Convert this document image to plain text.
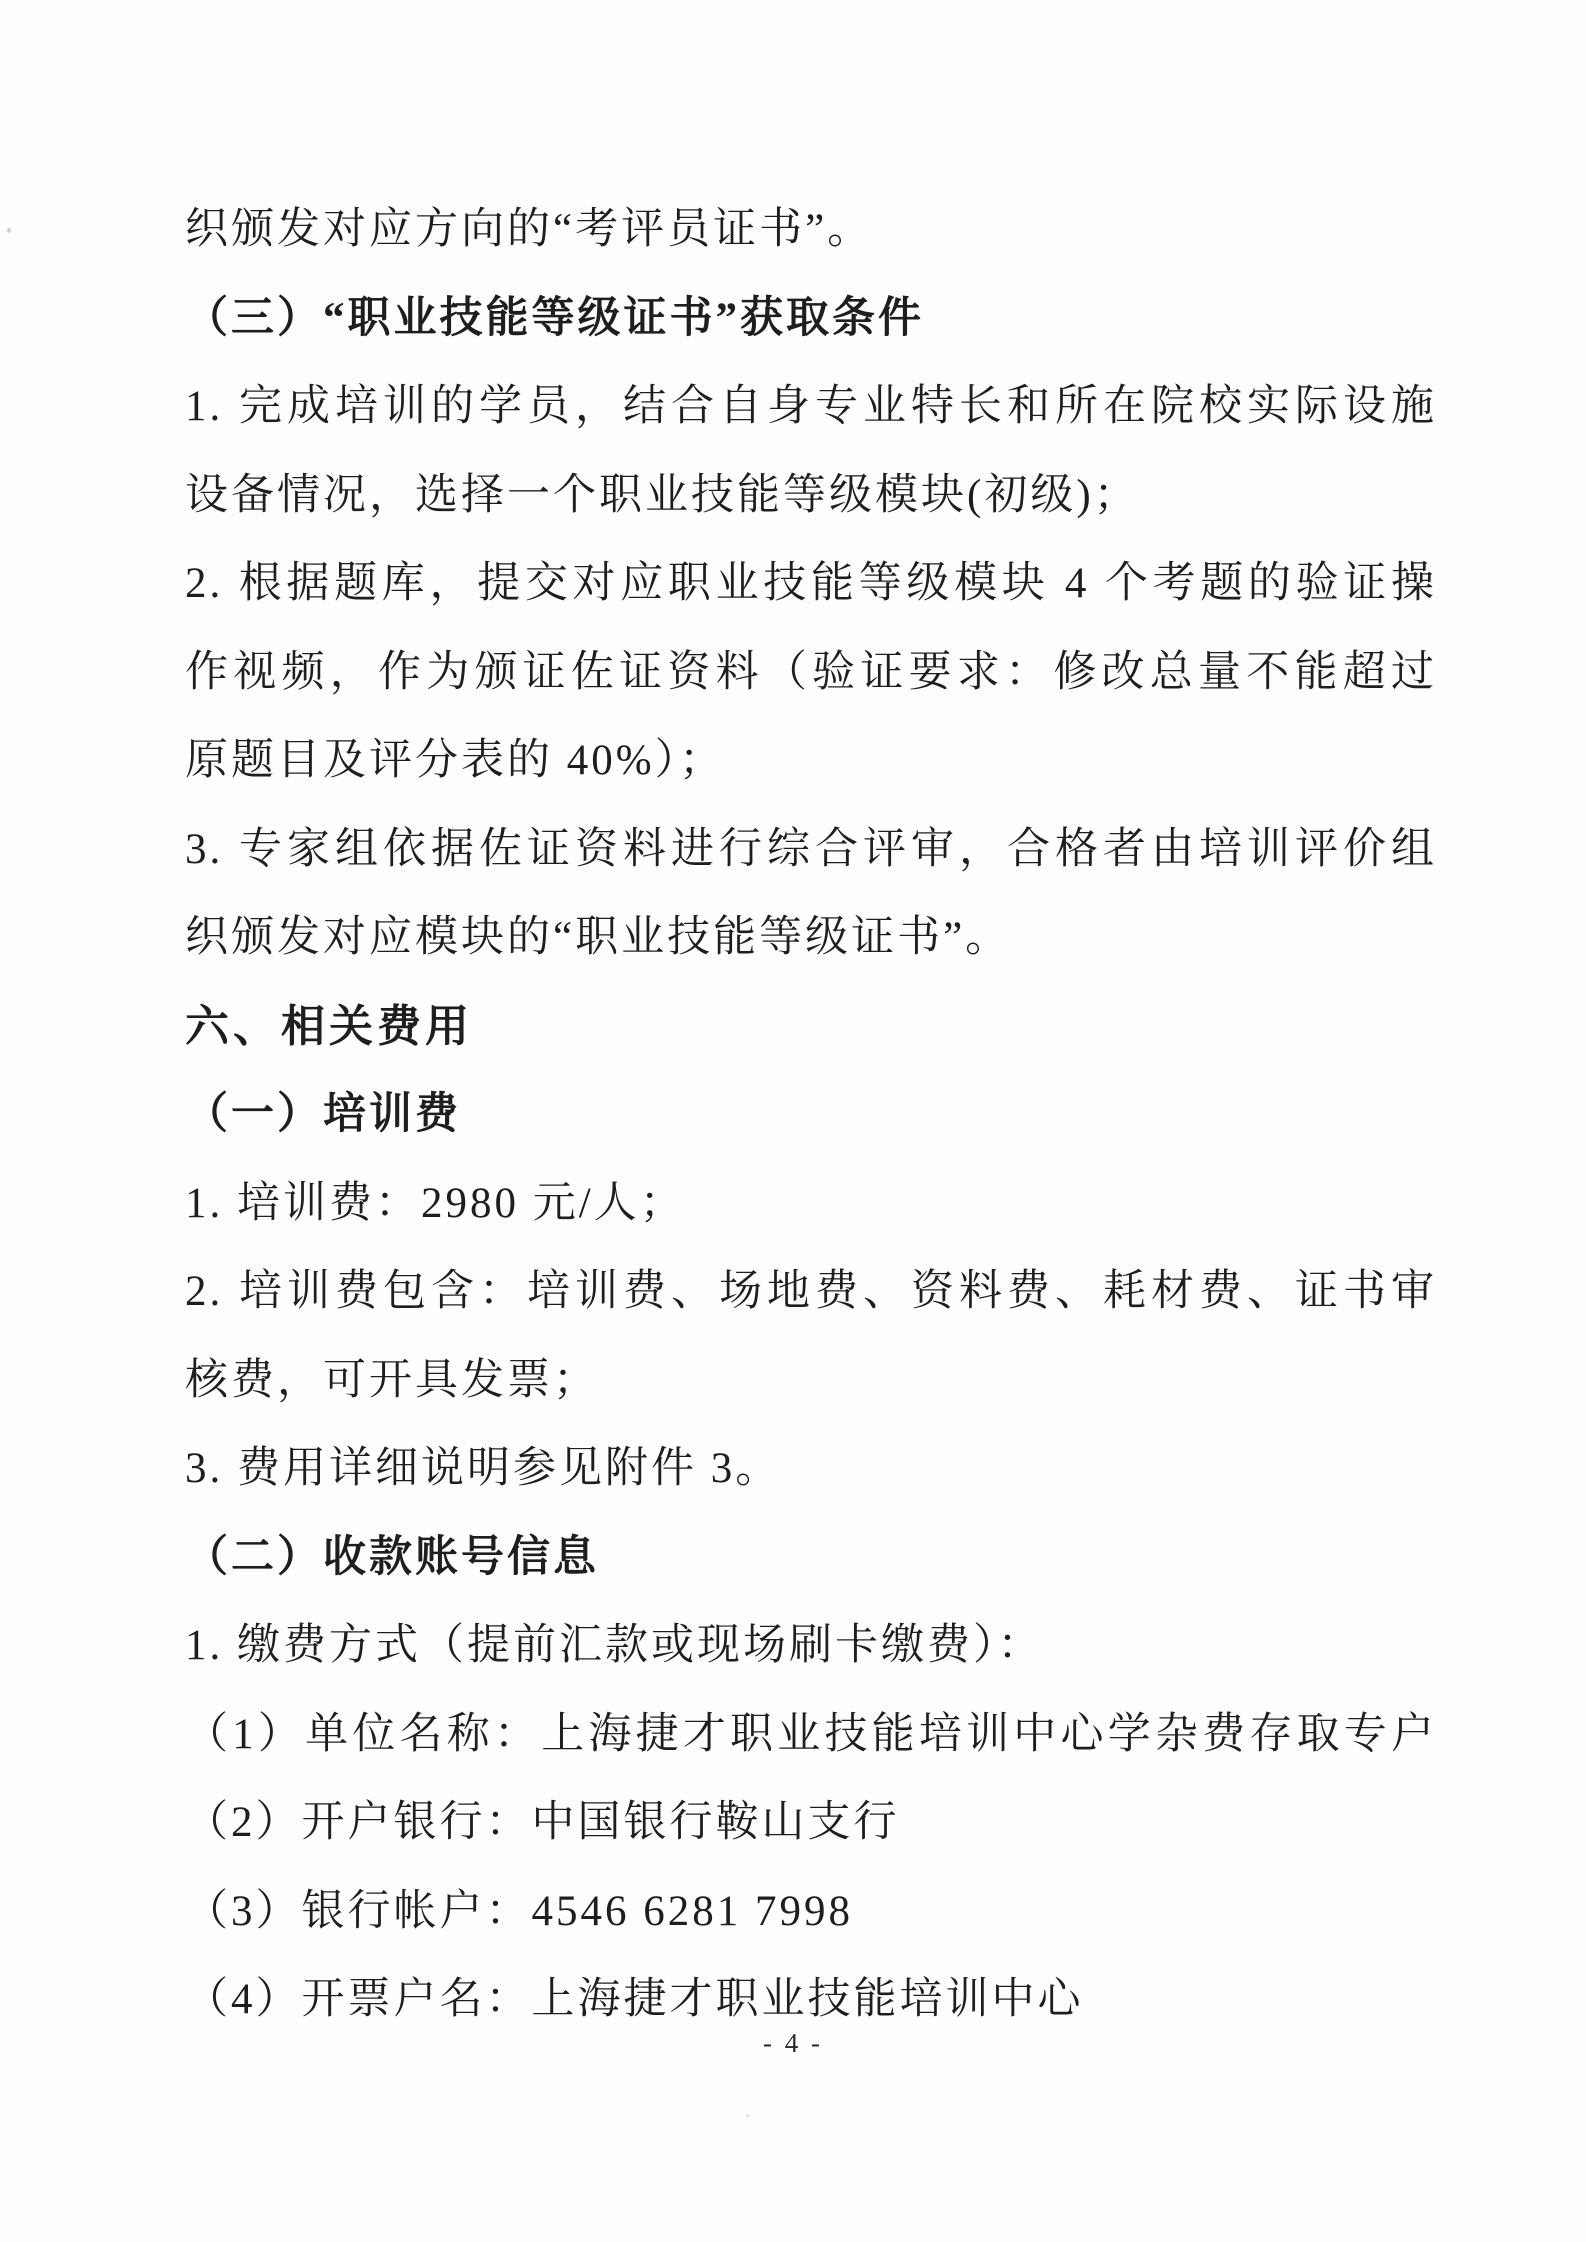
织颁发对应方向的“考评员证书”。
（三）“职业技能等级证书”获取条件
1. 完成培训的学员，结合自身专业特长和所在院校实际设施
设备情况，选择一个职业技能等级模块(初级)；
2. 根据题库，提交对应职业技能等级模块 4 个考题的验证操
作视频，作为颁证佐证资料（验证要求：修改总量不能超过
原题目及评分表的 40%）；
3. 专家组依据佐证资料进行综合评审，合格者由培训评价组
织颁发对应模块的“职业技能等级证书”。
六、相关费用
（一）培训费
1. 培训费：2980 元/人；
2. 培训费包含：培训费、场地费、资料费、耗材费、证书审
核费，可开具发票；
3. 费用详细说明参见附件 3。
（二）收款账号信息
1. 缴费方式（提前汇款或现场刷卡缴费）：
（1）单位名称：上海捷才职业技能培训中心学杂费存取专户
（2）开户银行：中国银行鞍山支行
（3）银行帐户：4546 6281 7998
（4）开票户名：上海捷才职业技能培训中心
- 4 -
